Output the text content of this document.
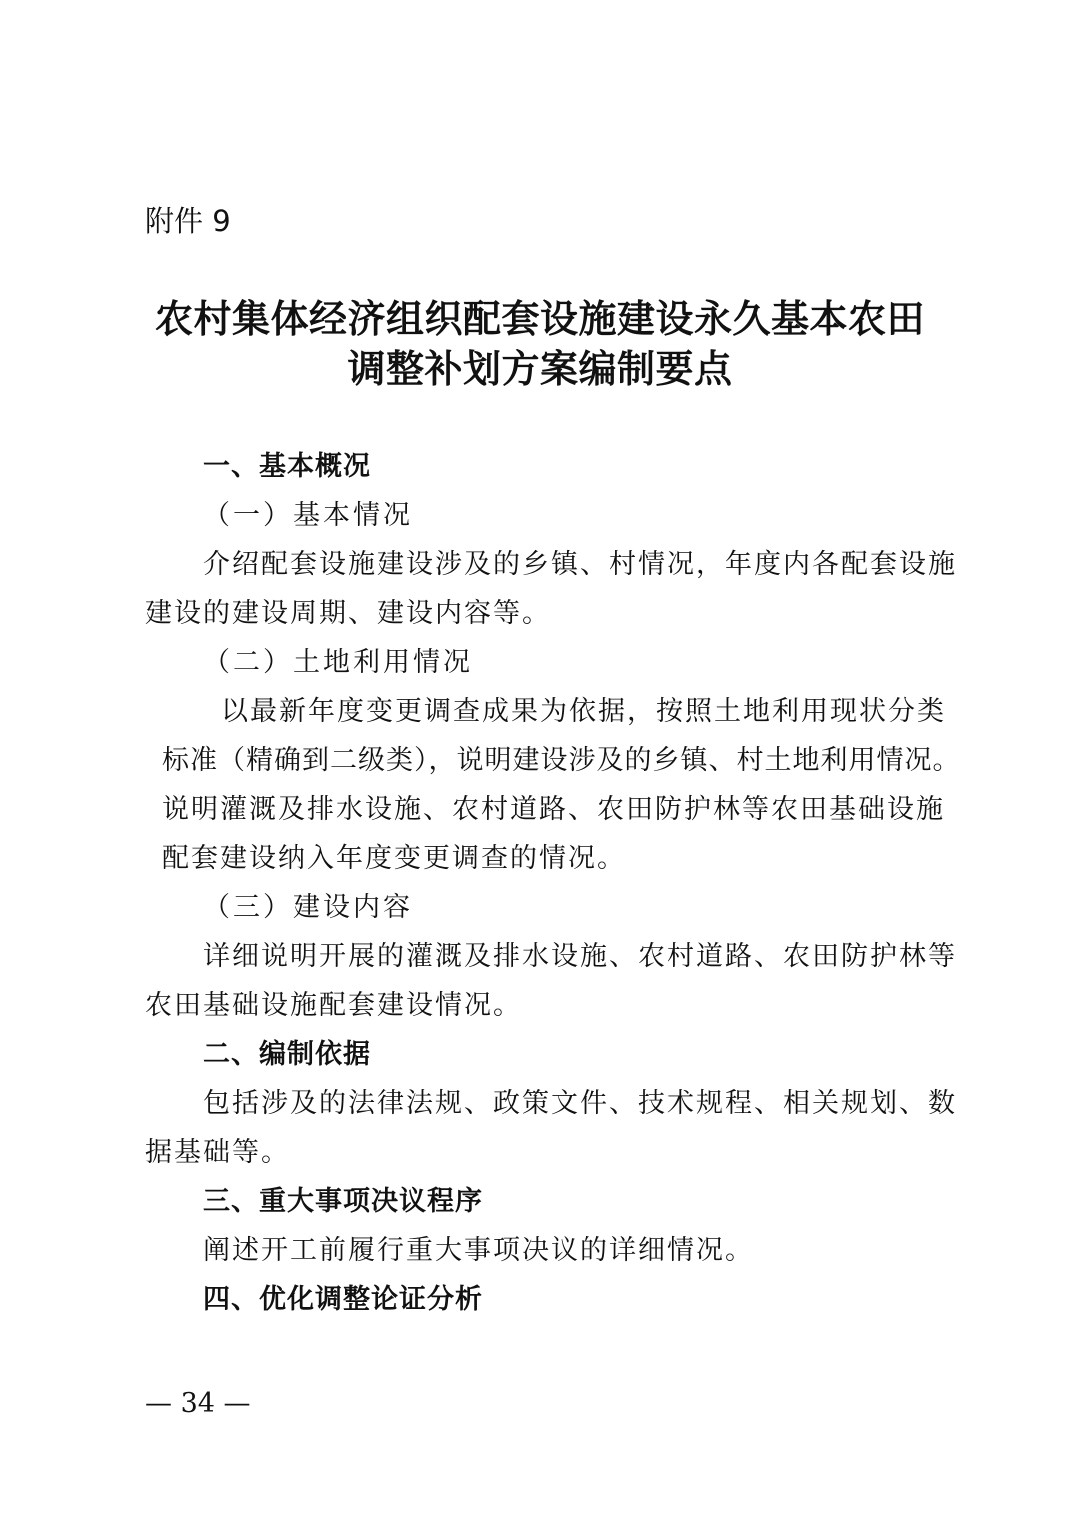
附件 9
农村集体经济组织配套设施建设永久基本农田
调整补划方案编制要点
一、基本概况
（一）基本情况
介绍配套设施建设涉及的乡镇、村情况，年度内各配套设施
建设的建设周期、建设内容等。
（二）土地利用情况
以最新年度变更调查成果为依据，按照土地利用现状分类
标准（精确到二级类），说明建设涉及的乡镇、村土地利用情况。
说明灌溉及排水设施、农村道路、农田防护林等农田基础设施
配套建设纳入年度变更调查的情况。
（三）建设内容
详细说明开展的灌溉及排水设施、农村道路、农田防护林等
农田基础设施配套建设情况。
二、编制依据
包括涉及的法律法规、政策文件、技术规程、相关规划、数
据基础等。
三、重大事项决议程序
阐述开工前履行重大事项决议的详细情况。
四、优化调整论证分析
— 34 —
